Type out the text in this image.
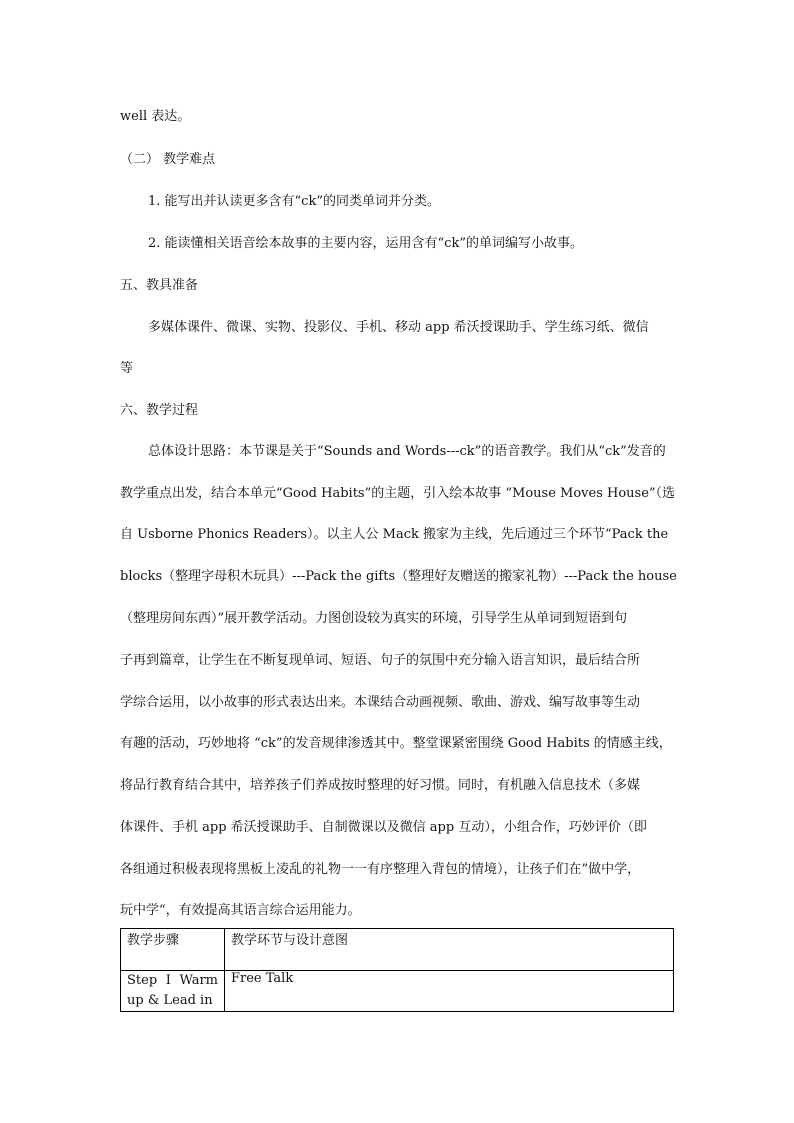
well 表达。
（二） 教学难点
1. 能写出并认读更多含有“ck”的同类单词并分类。
2. 能读懂相关语音绘本故事的主要内容，运用含有“ck”的单词编写小故事。
五、教具准备
多媒体课件、微课、实物、投影仪、手机、移动 app 希沃授课助手、学生练习纸、微信
等
六、教学过程
总体设计思路：本节课是关于“Sounds and Words---ck”的语音教学。我们从“ck”发音的
教学重点出发，结合本单元“Good Habits”的主题，引入绘本故事 “Mouse Moves House”（选
自 Usborne Phonics Readers）。以主人公 Mack 搬家为主线，先后通过三个环节“Pack the
blocks（整理字母积木玩具）---Pack the gifts（整理好友赠送的搬家礼物）---Pack the house
（整理房间东西）”展开教学活动。力图创设较为真实的环境，引导学生从单词到短语到句
子再到篇章，让学生在不断复现单词、短语、句子的氛围中充分输入语言知识，最后结合所
学综合运用，以小故事的形式表达出来。本课结合动画视频、歌曲、游戏、编写故事等生动
有趣的活动，巧妙地将 “ck”的发音规律渗透其中。整堂课紧密围绕 Good Habits 的情感主线，
将品行教育结合其中，培养孩子们养成按时整理的好习惯。同时，有机融入信息技术（多媒
体课件、手机 app 希沃授课助手、自制微课以及微信 app 互动），小组合作，巧妙评价（即
各组通过积极表现将黑板上凌乱的礼物一一有序整理入背包的情境），让孩子们在”做中学，
玩中学“，有效提高其语言综合运用能力。
教学步骤	教学环节与设计意图

Step I Warm
up & Lead in	Free Talk
